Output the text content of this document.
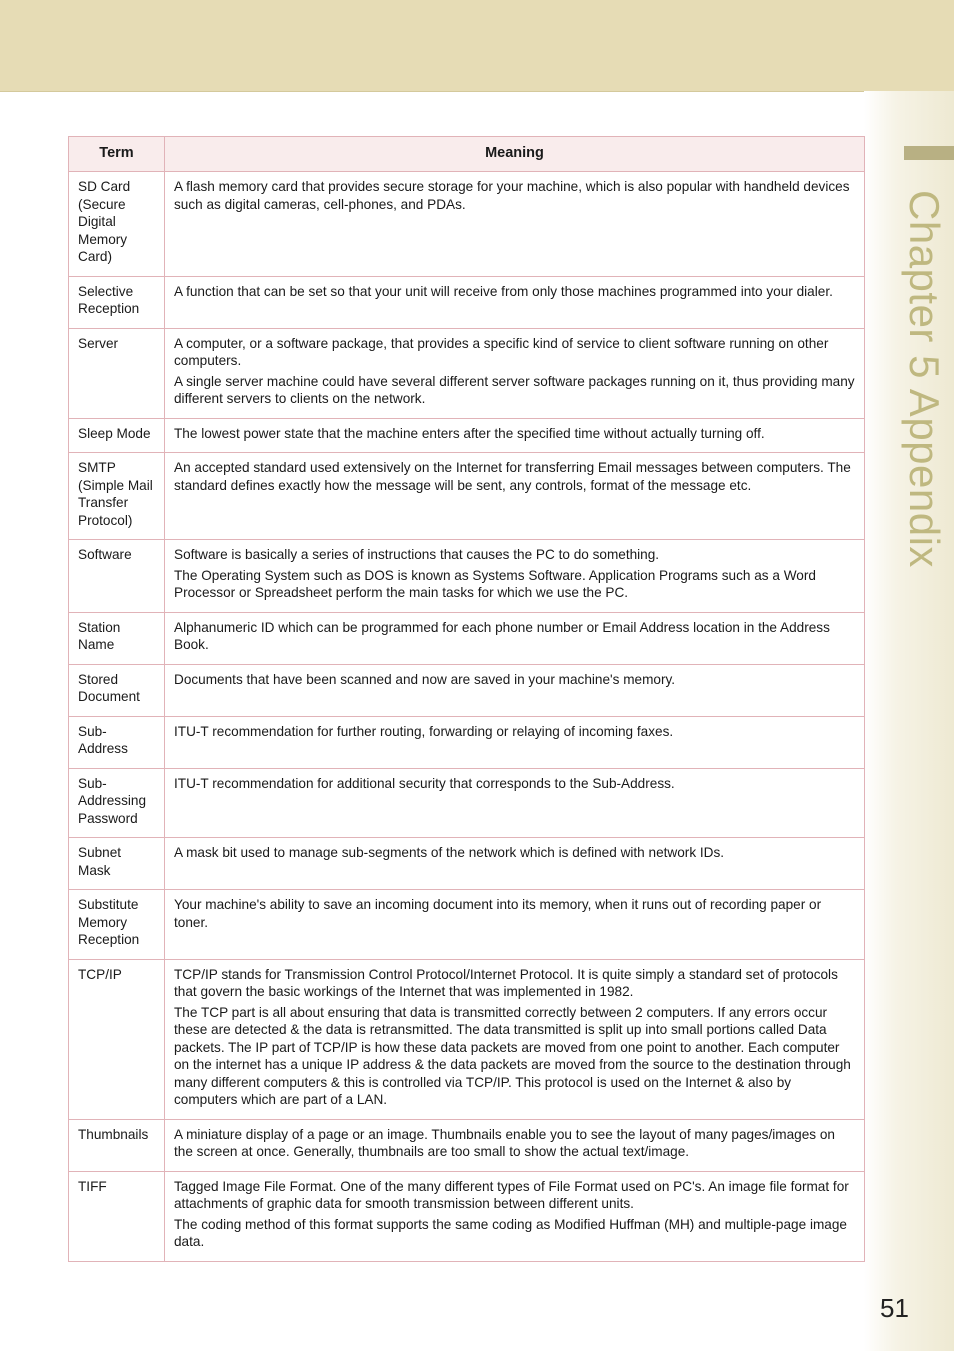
Chapter 5 Appendix
Term	Meaning
SD Card (Secure Digital Memory Card)	A flash memory card that provides secure storage for your machine, which is also popular with handheld devices such as digital cameras, cell-phones, and PDAs.

Selective Reception	A function that can be set so that your unit will receive from only those machines programmed into your dialer.

Server	A computer, or a software package, that provides a specific kind of service to client software running on other computers.

A single server machine could have several different server software packages running on it, thus providing many different servers to clients on the network.

Sleep Mode	The lowest power state that the machine enters after the specified time without actually turning off.

SMTP (Simple Mail Transfer Protocol)	An accepted standard used extensively on the Internet for transferring Email messages between computers. The standard defines exactly how the message will be sent, any controls, format of the message etc.

Software	Software is basically a series of instructions that causes the PC to do something.

The Operating System such as DOS is known as Systems Software. Application Programs such as a Word Processor or Spreadsheet perform the main tasks for which we use the PC.

Station Name	Alphanumeric ID which can be programmed for each phone number or Email Address location in the Address Book.

Stored Document	Documents that have been scanned and now are saved in your machine's memory.

Sub-Address	ITU-T recommendation for further routing, forwarding or relaying of incoming faxes.

Sub-Addressing Password	ITU-T recommendation for additional security that corresponds to the Sub-Address.

Subnet Mask	A mask bit used to manage sub-segments of the network which is defined with network IDs.

Substitute Memory Reception	Your machine's ability to save an incoming document into its memory, when it runs out of recording paper or toner.

TCP/IP	TCP/IP stands for Transmission Control Protocol/Internet Protocol. It is quite simply a standard set of protocols that govern the basic workings of the Internet that was implemented in 1982.

The TCP part is all about ensuring that data is transmitted correctly between 2 computers. If any errors occur these are detected & the data is retransmitted. The data transmitted is split up into small portions called Data packets. The IP part of TCP/IP is how these data packets are moved from one point to another. Each computer on the internet has a unique IP address & the data packets are moved from the source to the destination through many different computers & this is controlled via TCP/IP. This protocol is used on the Internet & also by computers which are part of a LAN.

Thumbnails	A miniature display of a page or an image. Thumbnails enable you to see the layout of many pages/images on the screen at once. Generally, thumbnails are too small to show the actual text/image.

TIFF	Tagged Image File Format. One of the many different types of File Format used on PC's. An image file format for attachments of graphic data for smooth transmission between different units.

The coding method of this format supports the same coding as Modified Huffman (MH) and multiple-page image data.

51
